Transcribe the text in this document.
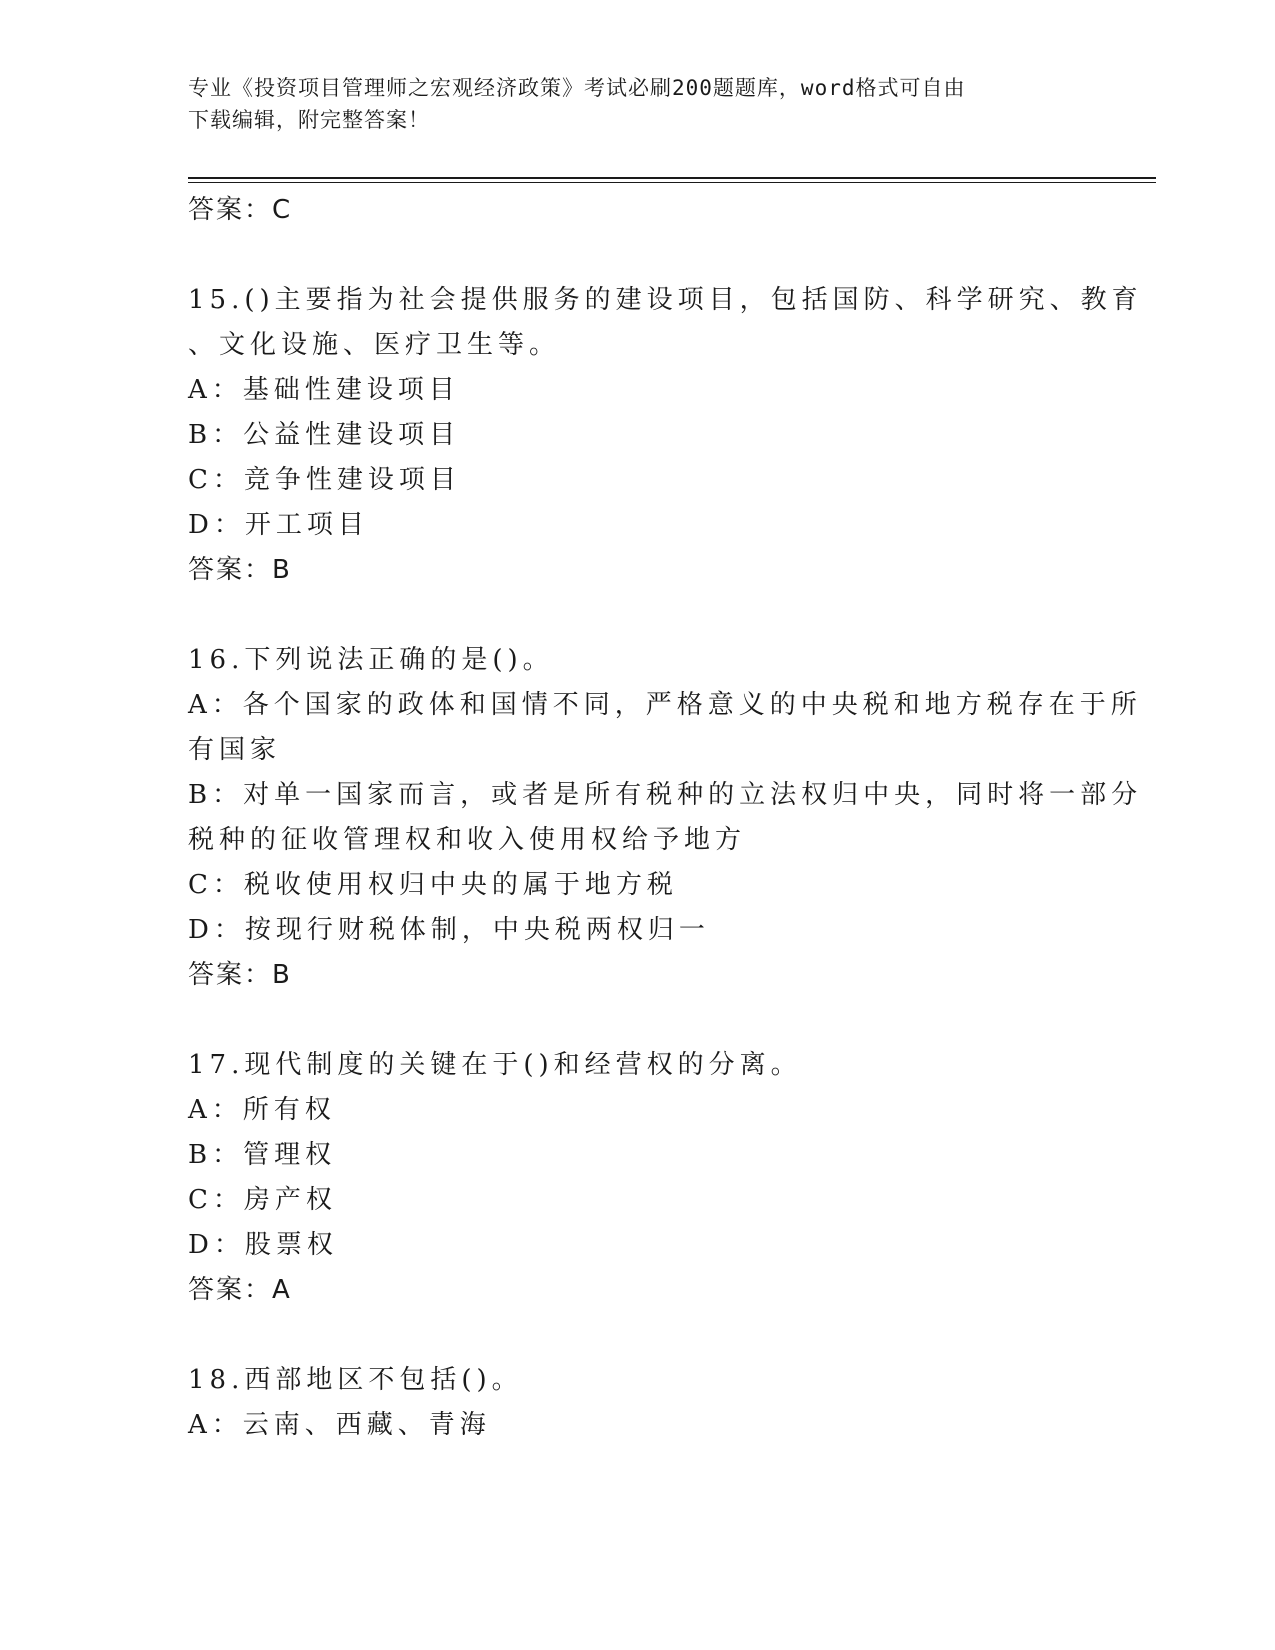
专业《投资项目管理师之宏观经济政策》考试必刷200题题库，word格式可自由
下载编辑，附完整答案！
答案：C
15.()主要指为社会提供服务的建设项目，包括国防、科学研究、教育
、文化设施、医疗卫生等。
A：基础性建设项目
B：公益性建设项目
C：竞争性建设项目
D：开工项目
答案：B
16.下列说法正确的是()。
A：各个国家的政体和国情不同，严格意义的中央税和地方税存在于所
有国家
B：对单一国家而言，或者是所有税种的立法权归中央，同时将一部分
税种的征收管理权和收入使用权给予地方
C：税收使用权归中央的属于地方税
D：按现行财税体制，中央税两权归一
答案：B
17.现代制度的关键在于()和经营权的分离。
A：所有权
B：管理权
C：房产权
D：股票权
答案：A
18.西部地区不包括()。
A：云南、西藏、青海
